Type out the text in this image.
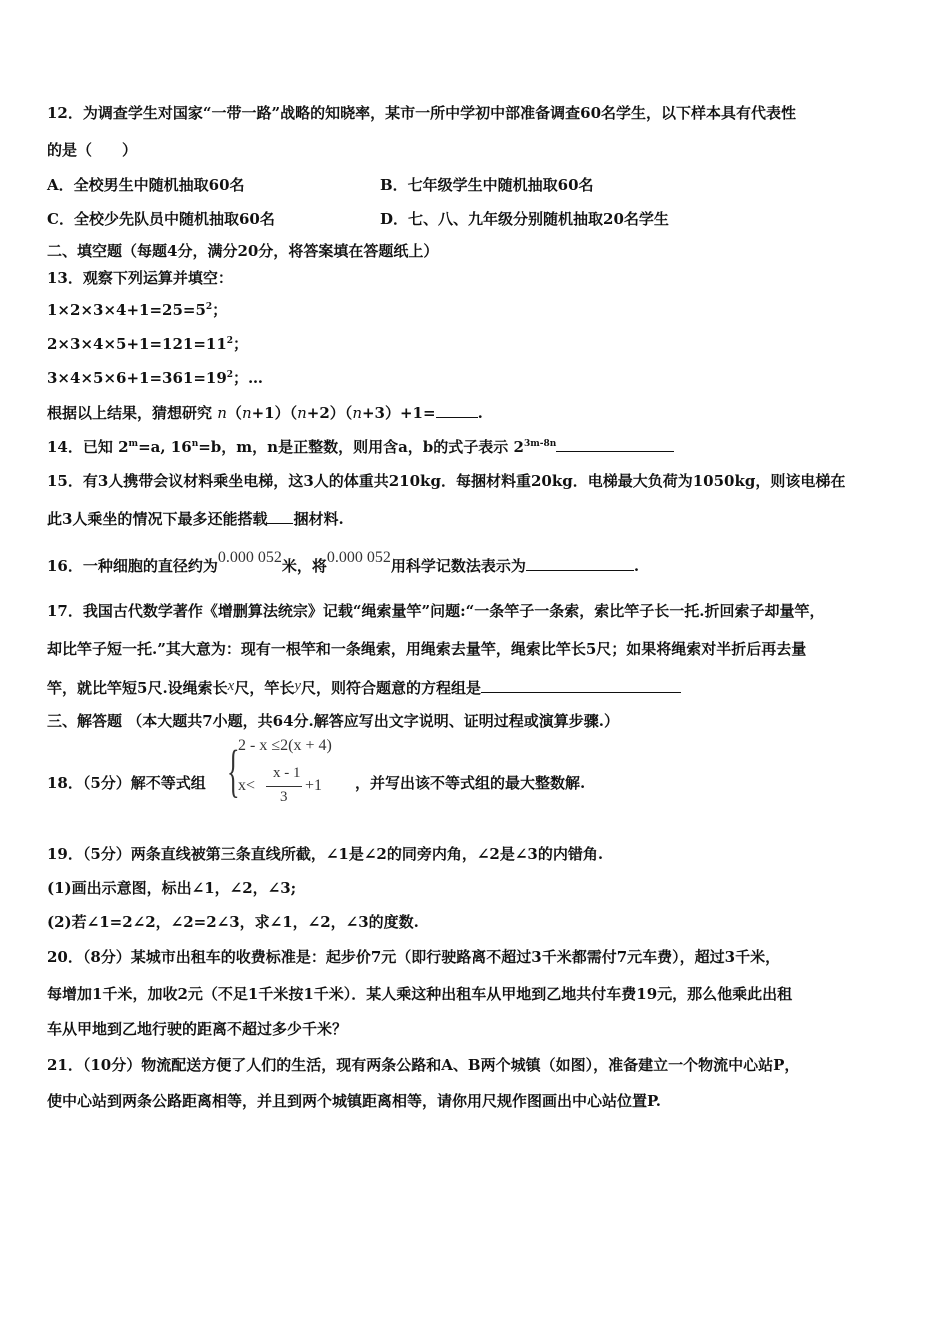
12．为调查学生对国家“一带一路”战略的知晓率，某市一所中学初中部准备调查60名学生，以下样本具有代表性
的是（　　）
A．全校男生中随机抽取60名	B．七年级学生中随机抽取60名
C．全校少先队员中随机抽取60名	D．七、八、九年级分别随机抽取20名学生
二、填空题（每题4分，满分20分，将答案填在答题纸上）
13．观察下列运算并填空：
$1\times 2\times 3\times 4+1=25=5^2$；
$2\times 3\times 4\times 5+1=121=11^2$；
$3\times 4\times 5\times 6+1=361=19^2$；…
根据以上结果，猜想研究 n（n+1）（n+2）（n+3）+1=	.
14．已知 $2^m=a$, $16^n=b$，m，n是正整数，则用含a，b的式子表示 $2^{3m-8n}$
15．有3人携带会议材料乘坐电梯，这3人的体重共210kg．每捆材料重20kg．电梯最大负荷为1050kg，则该电梯在
此3人乘坐的情况下最多还能搭载 捆材料.
16．一种细胞的直径约为0.000 052米，将0.000 052用科学记数法表示为	.
17．我国古代数学著作《增删算法统宗》记载“绳索量竿”问题:“一条竿子一条索，索比竿子长一托.折回索子却量竿，
却比竿子短一托.”其大意为：现有一根竿和一条绳索，用绳索去量竿，绳索比竿长5尺；如果将绳索对半折后再去量
竿，就比竿短5尺.设绳索长x尺，竿长y尺，则符合题意的方程组是
三、解答题 （本大题共7小题，共64分.解答应写出文字说明、证明过程或演算步骤.）
18．（5分）解不等式组 {
2 - x ≤2(x + 4)
x<
x - 1
3
+1 ，并写出该不等式组的最大整数解.
19．（5分）两条直线被第三条直线所截，∠1是∠2的同旁内角，∠2是∠3的内错角.
(1)画出示意图，标出∠1，∠2，∠3;
(2)若∠1=2∠2，∠2=2∠3，求∠1，∠2，∠3的度数.
20．（8分）某城市出租车的收费标准是：起步价7元（即行驶路离不超过3千米都需付7元车费），超过3千米，
每增加1千米，加收2元（不足1千米按1千米）．某人乘这种出租车从甲地到乙地共付车费19元，那么他乘此出租
车从甲地到乙地行驶的距离不超过多少千米？
21．（10分）物流配送方便了人们的生活，现有两条公路和A、B两个城镇（如图），准备建立一个物流中心站P，
使中心站到两条公路距离相等，并且到两个城镇距离相等，请你用尺规作图画出中心站位置P.
